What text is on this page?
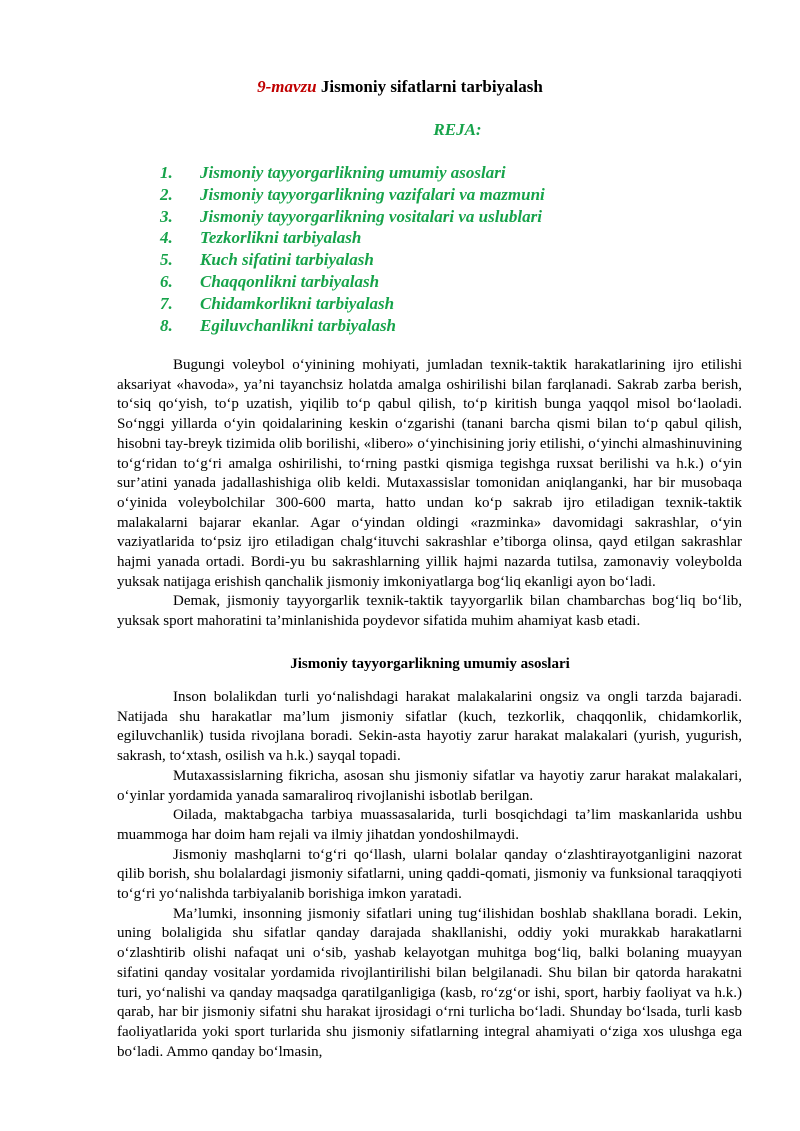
9-mavzu Jismoniy sifatlarni tarbiyalash
REJA:
1. Jismoniy tayyorgarlikning umumiy asoslari
2. Jismoniy tayyorgarlikning vazifalari va mazmuni
3. Jismoniy tayyorgarlikning vositalari va uslublari
4. Tezkorlikni tarbiyalash
5. Kuch sifatini tarbiyalash
6. Chaqqonlikni tarbiyalash
7. Chidamkorlikni tarbiyalash
8. Egiluvchanlikni tarbiyalash

Bugungi voleybol o‘yinining mohiyati, jumladan texnik-taktik harakatlarining ijro etilishi aksariyat «havoda», ya’ni tayanchsiz holatda amalga oshirilishi bilan farqlanadi. Sakrab zarba berish, to‘siq qo‘yish, to‘p uzatish, yiqilib to‘p qabul qilish, to‘p kiritish bunga yaqqol misol bo‘laoladi. So‘nggi yillarda o‘yin qoidalarining keskin o‘zgarishi (tanani barcha qismi bilan to‘p qabul qilish, hisobni tay-breyk tizimida olib borilishi, «libero» o‘yinchisining joriy etilishi, o‘yinchi almashinuvining to‘g‘ridan to‘g‘ri amalga oshirilishi, to‘rning pastki qismiga tegishga ruxsat berilishi va h.k.) o‘yin sur’atini yanada jadallashishiga olib keldi. Mutaxassislar tomonidan aniqlanganki, har bir musobaqa o‘yinida voleybolchilar 300-600 marta, hatto undan ko‘p sakrab ijro etiladigan texnik-taktik malakalarni bajarar ekanlar. Agar o‘yindan oldingi «razminka» davomidagi sakrashlar, o‘yin vaziyatlarida to‘psiz ijro etiladigan chalg‘ituvchi sakrashlar e’tiborga olinsa, qayd etilgan sakrashlar hajmi yanada ortadi. Bordi-yu bu sakrashlarning yillik hajmi nazarda tutilsa, zamonaviy voleybolda yuksak natijaga erishish qanchalik jismoniy imkoniyatlarga bog‘liq ekanligi ayon bo‘ladi.

Demak, jismoniy tayyorgarlik texnik-taktik tayyorgarlik bilan chambarchas bog‘liq bo‘lib, yuksak sport mahoratini ta’minlanishida poydevor sifatida muhim ahamiyat kasb etadi.

Jismoniy tayyorgarlikning umumiy asoslari

Inson bolalikdan turli yo‘nalishdagi harakat malakalarini ongsiz va ongli tarzda bajaradi. Natijada shu harakatlar ma’lum jismoniy sifatlar (kuch, tezkorlik, chaqqonlik, chidamkorlik, egiluvchanlik) tusida rivojlana boradi. Sekin-asta hayotiy zarur harakat malakalari (yurish, yugurish, sakrash, to‘xtash, osilish va h.k.) sayqal topadi.

Mutaxassislarning fikricha, asosan shu jismoniy sifatlar va hayotiy zarur harakat malakalari, o‘yinlar yordamida yanada samaraliroq rivojlanishi isbotlab berilgan.

Oilada, maktabgacha tarbiya muassasalarida, turli bosqichdagi ta’lim maskanlarida ushbu muammoga har doim ham rejali va ilmiy jihatdan yondoshilmaydi.

Jismoniy mashqlarni to‘g‘ri qo‘llash, ularni bolalar qanday o‘zlashtirayotganligini nazorat qilib borish, shu bolalardagi jismoniy sifatlarni, uning qaddi-qomati, jismoniy va funksional taraqqiyoti to‘g‘ri yo‘nalishda tarbiyalanib borishiga imkon yaratadi.

Ma’lumki, insonning jismoniy sifatlari uning tug‘ilishidan boshlab shakllana boradi. Lekin, uning bolaligida shu sifatlar qanday darajada shakllanishi, oddiy yoki murakkab harakatlarni o‘zlashtirib olishi nafaqat uni o‘sib, yashab kelayotgan muhitga bog‘liq, balki bolaning muayyan sifatini qanday vositalar yordamida rivojlantirilishi bilan belgilanadi. Shu bilan bir qatorda harakatni turi, yo‘nalishi va qanday maqsadga qaratilganligiga (kasb, ro‘zg‘or ishi, sport, harbiy faoliyat va h.k.) qarab, har bir jismoniy sifatni shu harakat ijrosidagi o‘rni turlicha bo‘ladi. Shunday bo‘lsada, turli kasb faoliyatlarida yoki sport turlarida shu jismoniy sifatlarning integral ahamiyati o‘ziga xos ulushga ega bo‘ladi. Ammo qanday bo‘lmasin,
